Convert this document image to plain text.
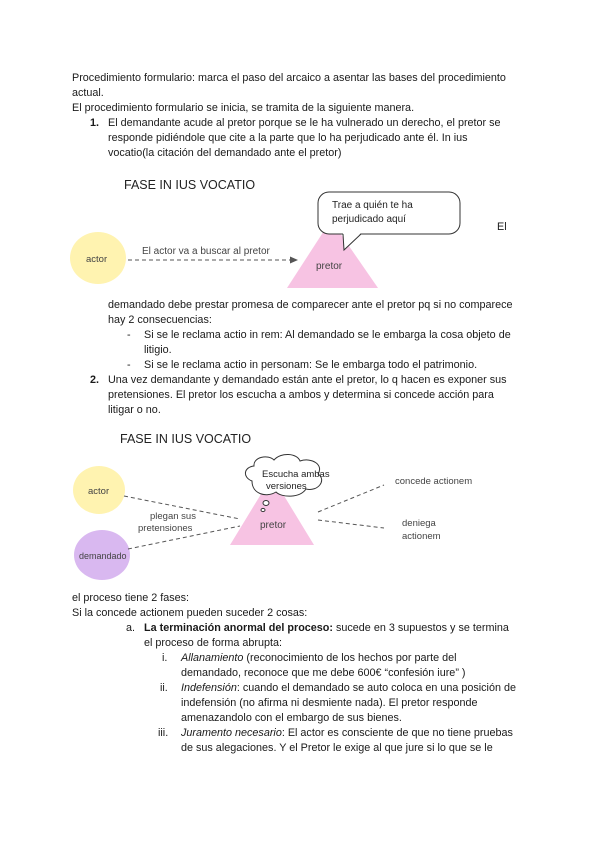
Procedimiento formulario: marca el paso del arcaico a asentar las bases del procedimiento
actual.
El procedimiento formulario se inicia, se tramita de la siguiente manera.
1. El demandante acude al pretor porque se le ha vulnerado un derecho, el pretor se
responde pidiéndole que cite a la parte que lo ha perjudicado ante él. In ius
vocatio(la citación del demandado ante el pretor)
FASE IN IUS VOCATIO
actor
El actor va a buscar al pretor
pretor
Trae a quién te ha
perjudicado aquí
El
demandado debe prestar promesa de comparecer ante el pretor pq si no comparece
hay 2 consecuencias:
- Si se le reclama actio in rem: Al demandado se le embarga la cosa objeto de
litigio.
- Si se le reclama actio in personam: Se le embarga todo el patrimonio.
2. Una vez demandante y demandado están ante el pretor, lo q hacen es exponer sus
pretensiones. El pretor los escucha a ambos y determina si concede acción para
litigar o no.
FASE IN IUS VOCATIO
actor
demandado
plegan sus
pretensiones	pretor
Escucha ambas
versiones	concede actionem
deniega
actionem
el proceso tiene 2 fases:
Si la concede actionem pueden suceder 2 cosas:
a. La terminación anormal del proceso: sucede en 3 supuestos y se termina
el proceso de forma abrupta:
i. Allanamiento (reconocimiento de los hechos por parte del
demandado, reconoce que me debe 600€ “confesión iure” )
ii. Indefensión: cuando el demandado se auto coloca en una posición de
indefensión (no afirma ni desmiente nada). El pretor responde
amenazandolo con el embargo de sus bienes.
iii. Juramento necesario: El actor es consciente de que no tiene pruebas
de sus alegaciones. Y el Pretor le exige al que jure si lo que se le
